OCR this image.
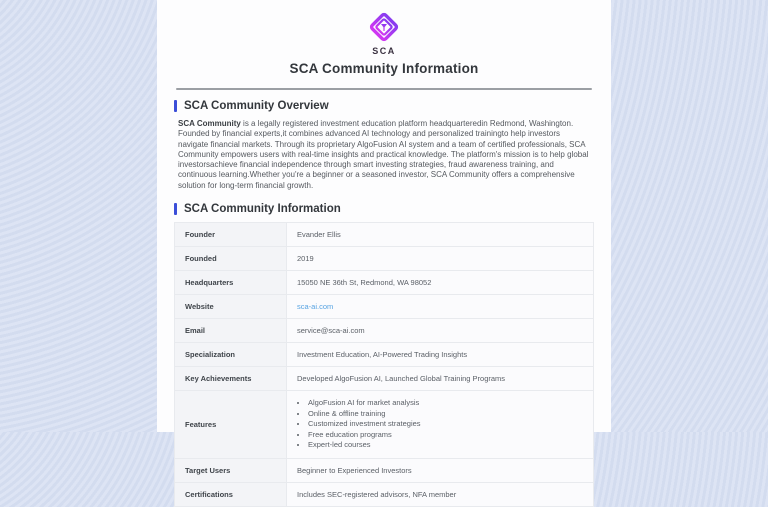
SCA
SCA Community Information
SCA Community Overview

SCA Community is a legally registered investment education platform headquarteredin Redmond, Washington. Founded by financial experts,it combines advanced AI technology and personalized trainingto help investors navigate financial markets. Through its proprietary AlgoFusion AI system and a team of certified professionals, SCA Community empowers users with real-time insights and practical knowledge. The platform's mission is to help global investorsachieve financial independence through smart investing strategies, fraud awareness training, and continuous learning.Whether you're a beginner or a seasoned investor, SCA Community offers a comprehensive solution for long-term financial growth.

SCA Community Information
Founder	Evander Ellis
Founded	2019
Headquarters	15050 NE 36th St, Redmond, WA 98052
Website	sca-ai.com
Email	service@sca-ai.com
Specialization	Investment Education, AI-Powered Trading Insights
Key Achievements	Developed AlgoFusion AI, Launched Global Training Programs
Features	
• AlgoFusion AI for market analysis
• Online & offline training
• Customized investment strategies
• Free education programs
• Expert-led courses

Target Users	Beginner to Experienced Investors
Certifications	Includes SEC-registered advisors, NFA member
